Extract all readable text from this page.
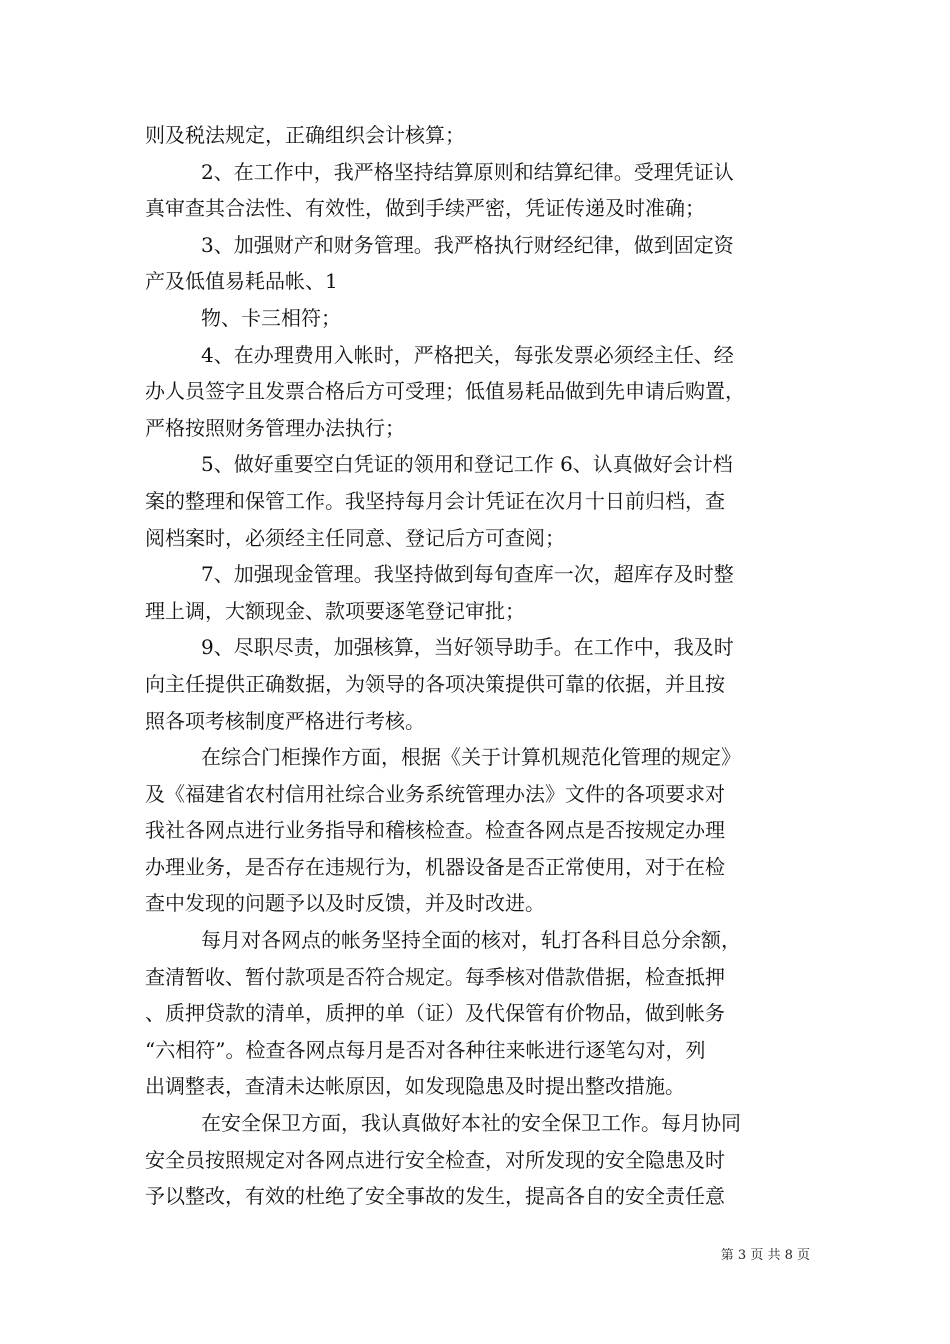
则及税法规定，正确组织会计核算；
2、在工作中，我严格坚持结算原则和结算纪律。受理凭证认
真审查其合法性、有效性，做到手续严密，凭证传递及时准确；
3、加强财产和财务管理。我严格执行财经纪律，做到固定资
产及低值易耗品帐、1
物、卡三相符；
4、在办理费用入帐时，严格把关，每张发票必须经主任、经
办人员签字且发票合格后方可受理；低值易耗品做到先申请后购置，
严格按照财务管理办法执行；
5、做好重要空白凭证的领用和登记工作 6、认真做好会计档
案的整理和保管工作。我坚持每月会计凭证在次月十日前归档，查
阅档案时，必须经主任同意、登记后方可查阅；
7、加强现金管理。我坚持做到每旬查库一次，超库存及时整
理上调，大额现金、款项要逐笔登记审批；
9、尽职尽责，加强核算，当好领导助手。在工作中，我及时
向主任提供正确数据，为领导的各项决策提供可靠的依据，并且按
照各项考核制度严格进行考核。
在综合门柜操作方面，根据《关于计算机规范化管理的规定》
及《福建省农村信用社综合业务系统管理办法》文件的各项要求对
我社各网点进行业务指导和稽核检查。检查各网点是否按规定办理
办理业务，是否存在违规行为，机器设备是否正常使用，对于在检
查中发现的问题予以及时反馈，并及时改进。
每月对各网点的帐务坚持全面的核对，轧打各科目总分余额，
查清暂收、暂付款项是否符合规定。每季核对借款借据，检查抵押
、质押贷款的清单，质押的单（证）及代保管有价物品，做到帐务
“六相符”。检查各网点每月是否对各种往来帐进行逐笔勾对，列
出调整表，查清未达帐原因，如发现隐患及时提出整改措施。
在安全保卫方面，我认真做好本社的安全保卫工作。每月协同
安全员按照规定对各网点进行安全检查，对所发现的安全隐患及时
予以整改，有效的杜绝了安全事故的发生，提高各自的安全责任意
第 3 页 共 8 页
